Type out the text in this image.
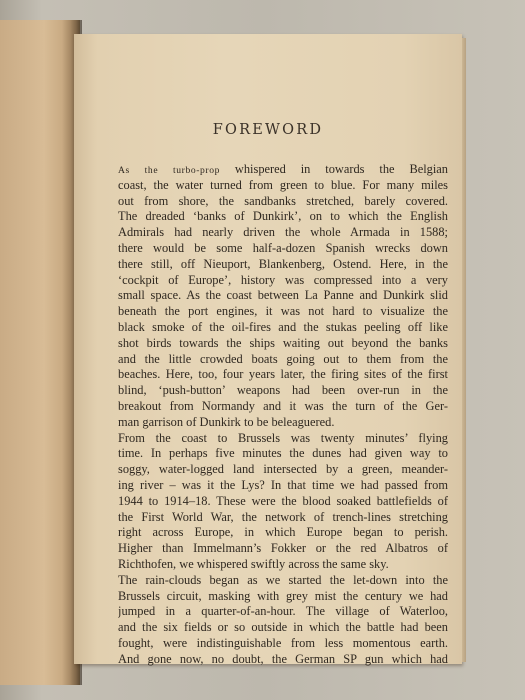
FOREWORD
As the turbo-prop whispered in towards the Belgian
coast, the water turned from green to blue. For many miles
out from shore, the sandbanks stretched, barely covered.
The dreaded ‘banks of Dunkirk’, on to which the English
Admirals had nearly driven the whole Armada in 1588;
there would be some half-a-dozen Spanish wrecks down
there still, off Nieuport, Blankenberg, Ostend. Here, in the
‘cockpit of Europe’, history was compressed into a very
small space. As the coast between La Panne and Dunkirk slid
beneath the port engines, it was not hard to visualize the
black smoke of the oil-fires and the stukas peeling off like
shot birds towards the ships waiting out beyond the banks
and the little crowded boats going out to them from the
beaches. Here, too, four years later, the firing sites of the first
blind, ‘push-button’ weapons had been over-run in the
breakout from Normandy and it was the turn of the Ger-
man garrison of Dunkirk to be beleaguered.
From the coast to Brussels was twenty minutes’ flying
time. In perhaps five minutes the dunes had given way to
soggy, water-logged land intersected by a green, meander-
ing river – was it the Lys? In that time we had passed from
1944 to 1914–18. These were the blood soaked battlefields of
the First World War, the network of trench-lines stretching
right across Europe, in which Europe began to perish.
Higher than Immelmann’s Fokker or the red Albatros of
Richthofen, we whispered swiftly across the same sky.
The rain-clouds began as we started the let-down into the
Brussels circuit, masking with grey mist the century we had
jumped in a quarter-of-an-hour. The village of Waterloo,
and the six fields or so outside in which the battle had been
fought, were indistinguishable from less momentous earth.
And gone now, no doubt, the German SP gun which had
